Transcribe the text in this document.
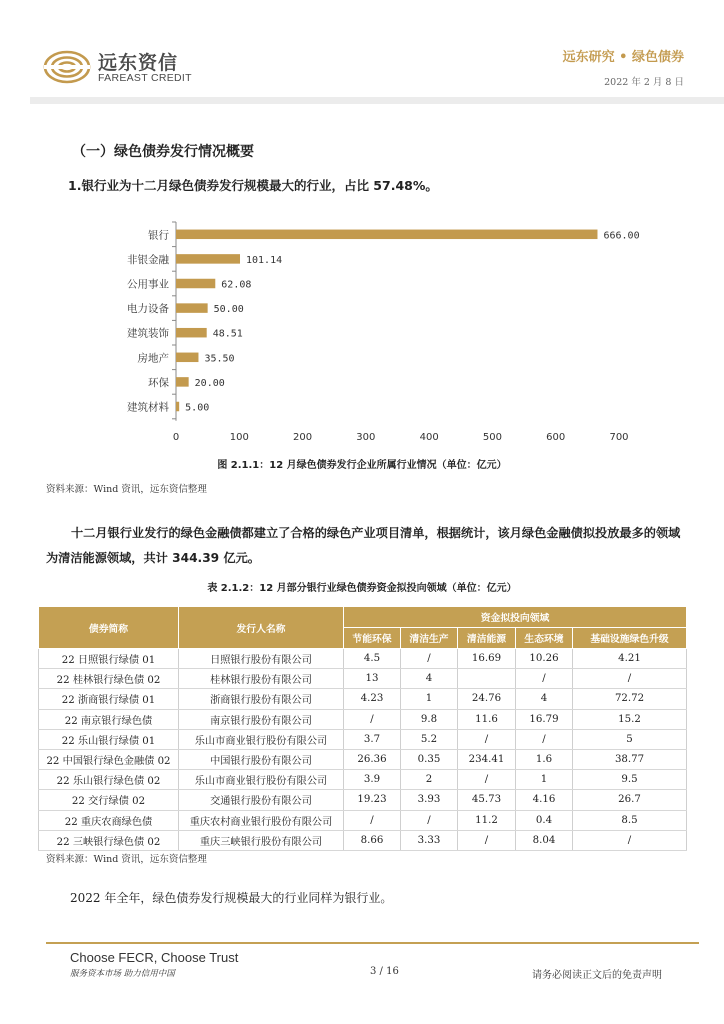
远东资信
FAREAST CREDIT
远东研究 • 绿色债券
2022 年 2 月 8 日
（一）绿色债券发行情况概要
1.银行业为十二月绿色债券发行规模最大的行业，占比 57.48%。
银行	666.00
非银金融	101.14
公用事业	62.08
电力设备	50.00
建筑装饰	48.51
房地产	35.50
环保	20.00
建筑材料 5.00
0	100	200	300	400	500	600	700
图 2.1.1：12 月绿色债券发行企业所属行业情况（单位：亿元）
资料来源：Wind 资讯，远东资信整理
十二月银行业发行的绿色金融债都建立了合格的绿色产业项目清单，根据统计，该月绿色金融债拟投放最多的领域为清洁能源领域，共计 344.39 亿元。
表 2.1.2：12 月部分银行业绿色债券资金拟投向领域（单位：亿元）
债券简称	发行人名称	资金拟投向领域				
		节能环保	清洁生产	清洁能源	生态环境	基础设施绿色升级
22 日照银行绿债 01	日照银行股份有限公司	4.5	/	16.69	10.26	4.21
22 桂林银行绿色债 02	桂林银行股份有限公司	13	4		/	/
22 浙商银行绿债 01	浙商银行股份有限公司	4.23	1	24.76	4	72.72
22 南京银行绿色债	南京银行股份有限公司	/	9.8	11.6	16.79	15.2
22 乐山银行绿债 01	乐山市商业银行股份有限公司	3.7	5.2	/	/	5
22 中国银行绿色金融债 02	中国银行股份有限公司	26.36	0.35	234.41	1.6	38.77
22 乐山银行绿色债 02	乐山市商业银行股份有限公司	3.9	2	/	1	9.5
22 交行绿债 02	交通银行股份有限公司	19.23	3.93	45.73	4.16	26.7
22 重庆农商绿色债	重庆农村商业银行股份有限公司	/	/	11.2	0.4	8.5
22 三峡银行绿色债 02	重庆三峡银行股份有限公司	8.66	3.33	/	8.04	/
资料来源：Wind 资讯，远东资信整理
2022 年全年，绿色债券发行规模最大的行业同样为银行业。
Choose FECR, Choose Trust
服务资本市场 助力信用中国	3 / 16	请务必阅读正文后的免责声明
